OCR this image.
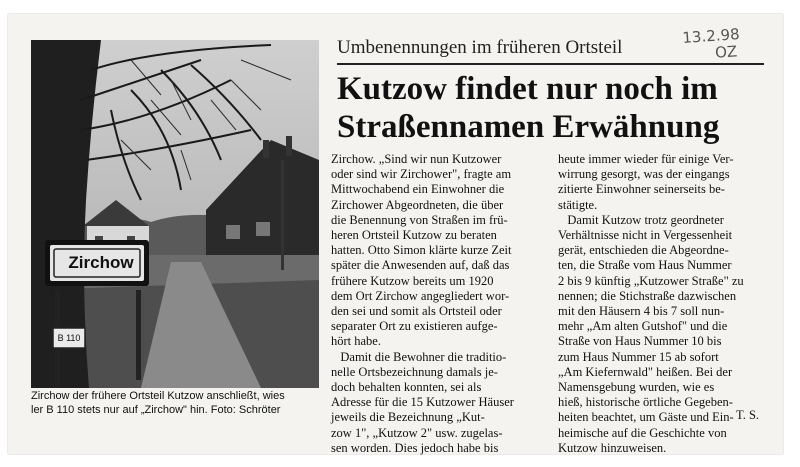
Zirchow
B 110
Zirchow der frühere Ortsteil Kutzow anschließt, wies
ler B 110 stets nur auf „Zirchow" hin. Foto: Schröter
13.2.98
OZ
Umbenennungen im früheren Ortsteil
Kutzow findet nur noch im
Straßennamen Erwähnung
Zirchow. „Sind wir nun Kutzower
oder sind wir Zirchower", fragte am
Mittwochabend ein Einwohner die
Zirchower Abgeordneten, die über
die Benennung von Straßen im frü-
heren Ortsteil Kutzow zu beraten
hatten. Otto Simon klärte kurze Zeit
später die Anwesenden auf, daß das
frühere Kutzow bereits um 1920
dem Ort Zirchow angegliedert wor-
den sei und somit als Ortsteil oder
separater Ort zu existieren aufge-
hört habe.
Damit die Bewohner die traditio-
nelle Ortsbezeichnung damals je-
doch behalten konnten, sei als
Adresse für die 15 Kutzower Häuser
jeweils die Bezeichnung „Kut-
zow 1", „Kutzow 2" usw. zugelas-
sen worden. Dies jedoch habe bis
heute immer wieder für einige Ver-
wirrung gesorgt, was der eingangs
zitierte Einwohner seinerseits be-
stätigte.
Damit Kutzow trotz geordneter
Verhältnisse nicht in Vergessenheit
gerät, entschieden die Abgeordne-
ten, die Straße vom Haus Nummer
2 bis 9 künftig „Kutzower Straße" zu
nennen; die Stichstraße dazwischen
mit den Häusern 4 bis 7 soll nun-
mehr „Am alten Gutshof" und die
Straße von Haus Nummer 10 bis
zum Haus Nummer 15 ab sofort
„Am Kiefernwald" heißen. Bei der
Namensgebung wurden, wie es
hieß, historische örtliche Gegeben-
heiten beachtet, um Gäste und Ein-
heimische auf die Geschichte von
Kutzow hinzuweisen.
T. S.
